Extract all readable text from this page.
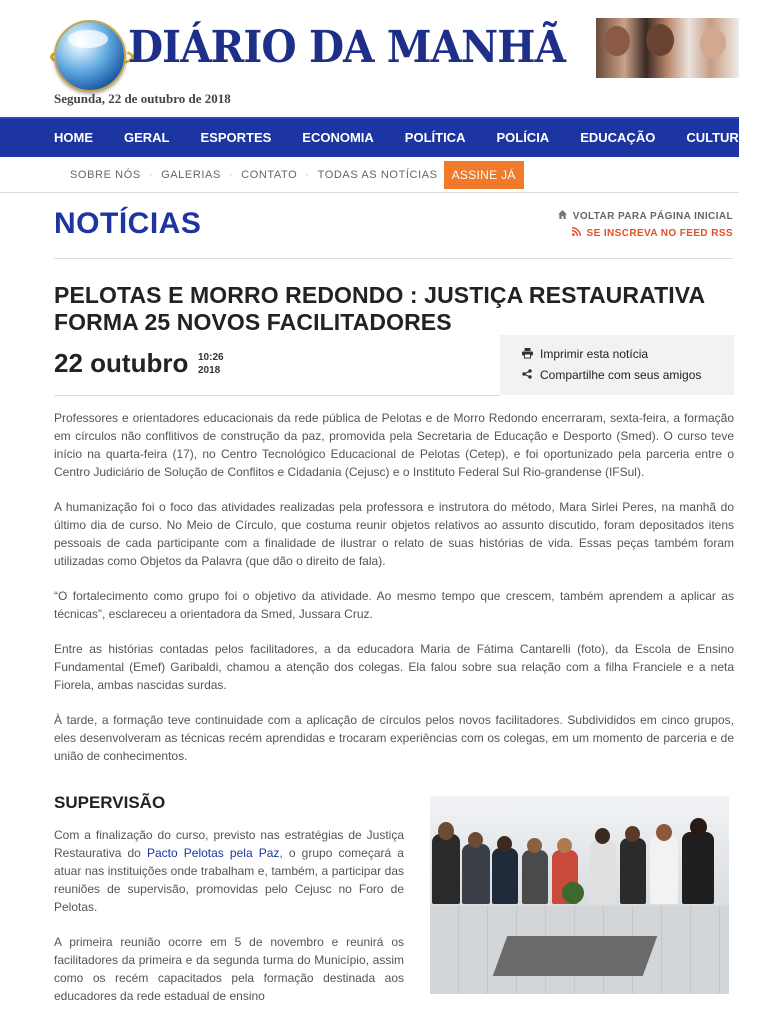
DIÁRIO DA MANHÃ
Segunda, 22 de outubro de 2018
HOME GERAL ESPORTES ECONOMIA POLÍTICA POLÍCIA EDUCAÇÃO CULTURA&
SOBRE NÓS · GALERIAS · CONTATO · TODAS AS NOTÍCIAS	ASSINE JÁ
NOTÍCIAS	VOLTAR PARA PÁGINA INICIAL
SE INSCREVA NO FEED RSS
PELOTAS E MORRO REDONDO : JUSTIÇA RESTAURATIVA FORMA 25 NOVOS FACILITADORES
22 outubro 10:26
2018
Imprimir esta notícia
Compartilhe com seus amigos

Professores e orientadores educacionais da rede pública de Pelotas e de Morro Redondo encerraram, sexta-feira, a formação em círculos não conflitivos de construção da paz, promovida pela Secretaria de Educação e Desporto (Smed). O curso teve início na quarta-feira (17), no Centro Tecnológico Educacional de Pelotas (Cetep), e foi oportunizado pela parceria entre o Centro Judiciário de Solução de Conflitos e Cidadania (Cejusc) e o Instituto Federal Sul Rio-grandense (IFSul).

A humanização foi o foco das atividades realizadas pela professora e instrutora do método, Mara Sirlei Peres, na manhã do último dia de curso. No Meio de Círculo, que costuma reunir objetos relativos ao assunto discutido, foram depositados itens pessoais de cada participante com a finalidade de ilustrar o relato de suas histórias de vida. Essas peças também foram utilizadas como Objetos da Palavra (que dão o direito de fala).

“O fortalecimento como grupo foi o objetivo da atividade. Ao mesmo tempo que crescem, também aprendem a aplicar as técnicas”, esclareceu a orientadora da Smed, Jussara Cruz.

Entre as histórias contadas pelos facilitadores, a da educadora Maria de Fátima Cantarelli (foto), da Escola de Ensino Fundamental (Emef) Garibaldi, chamou a atenção dos colegas. Ela falou sobre sua relação com a filha Franciele e a neta Fiorela, ambas nascidas surdas.

À tarde, a formação teve continuidade com a aplicação de círculos pelos novos facilitadores. Subdivididos em cinco grupos, eles desenvolveram as técnicas recém aprendidas e trocaram experiências com os colegas, em um momento de parceria e de união de conhecimentos.

SUPERVISÃO

Com a finalização do curso, previsto nas estratégias de Justiça Restaurativa do Pacto Pelotas pela Paz, o grupo começará a atuar nas instituições onde trabalham e, também, a participar das reuniões de supervisão, promovidas pelo Cejusc no Foro de Pelotas.

A primeira reunião ocorre em 5 de novembro e reunirá os facilitadores da primeira e da segunda turma do Município, assim como os recém capacitados pela formação destinada aos educadores da rede estadual de ensino
